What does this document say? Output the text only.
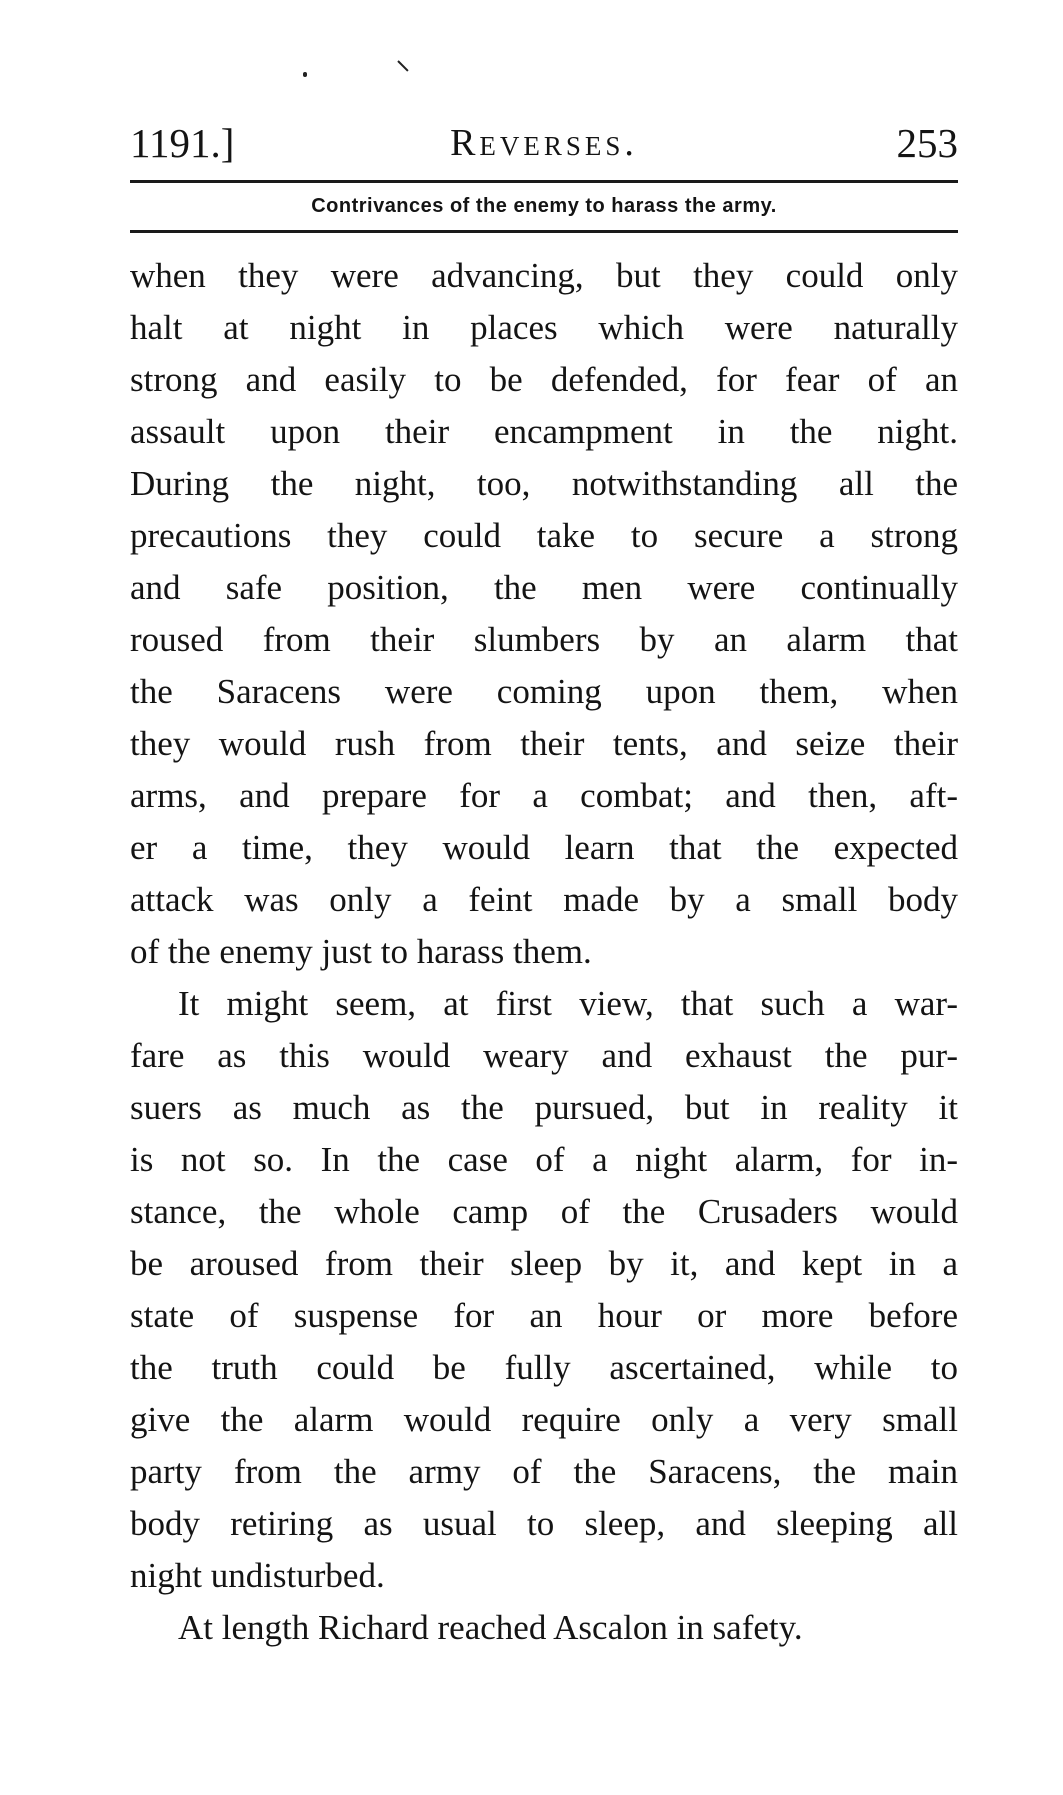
1191.]	Reverses.	253
Contrivances of the enemy to harass the army.
when they were advancing, but they could only
halt at night in places which were naturally
strong and easily to be defended, for fear of an
assault upon their encampment in the night.
During the night, too, notwithstanding all the
precautions they could take to secure a strong
and safe position, the men were continually
roused from their slumbers by an alarm that
the Saracens were coming upon them, when
they would rush from their tents, and seize their
arms, and prepare for a combat; and then, aft-
er a time, they would learn that the expected
attack was only a feint made by a small body
of the enemy just to harass them.
It might seem, at first view, that such a war-
fare as this would weary and exhaust the pur-
suers as much as the pursued, but in reality it
is not so. In the case of a night alarm, for in-
stance, the whole camp of the Crusaders would
be aroused from their sleep by it, and kept in a
state of suspense for an hour or more before
the truth could be fully ascertained, while to
give the alarm would require only a very small
party from the army of the Saracens, the main
body retiring as usual to sleep, and sleeping all
night undisturbed.
At length Richard reached Ascalon in safety.
